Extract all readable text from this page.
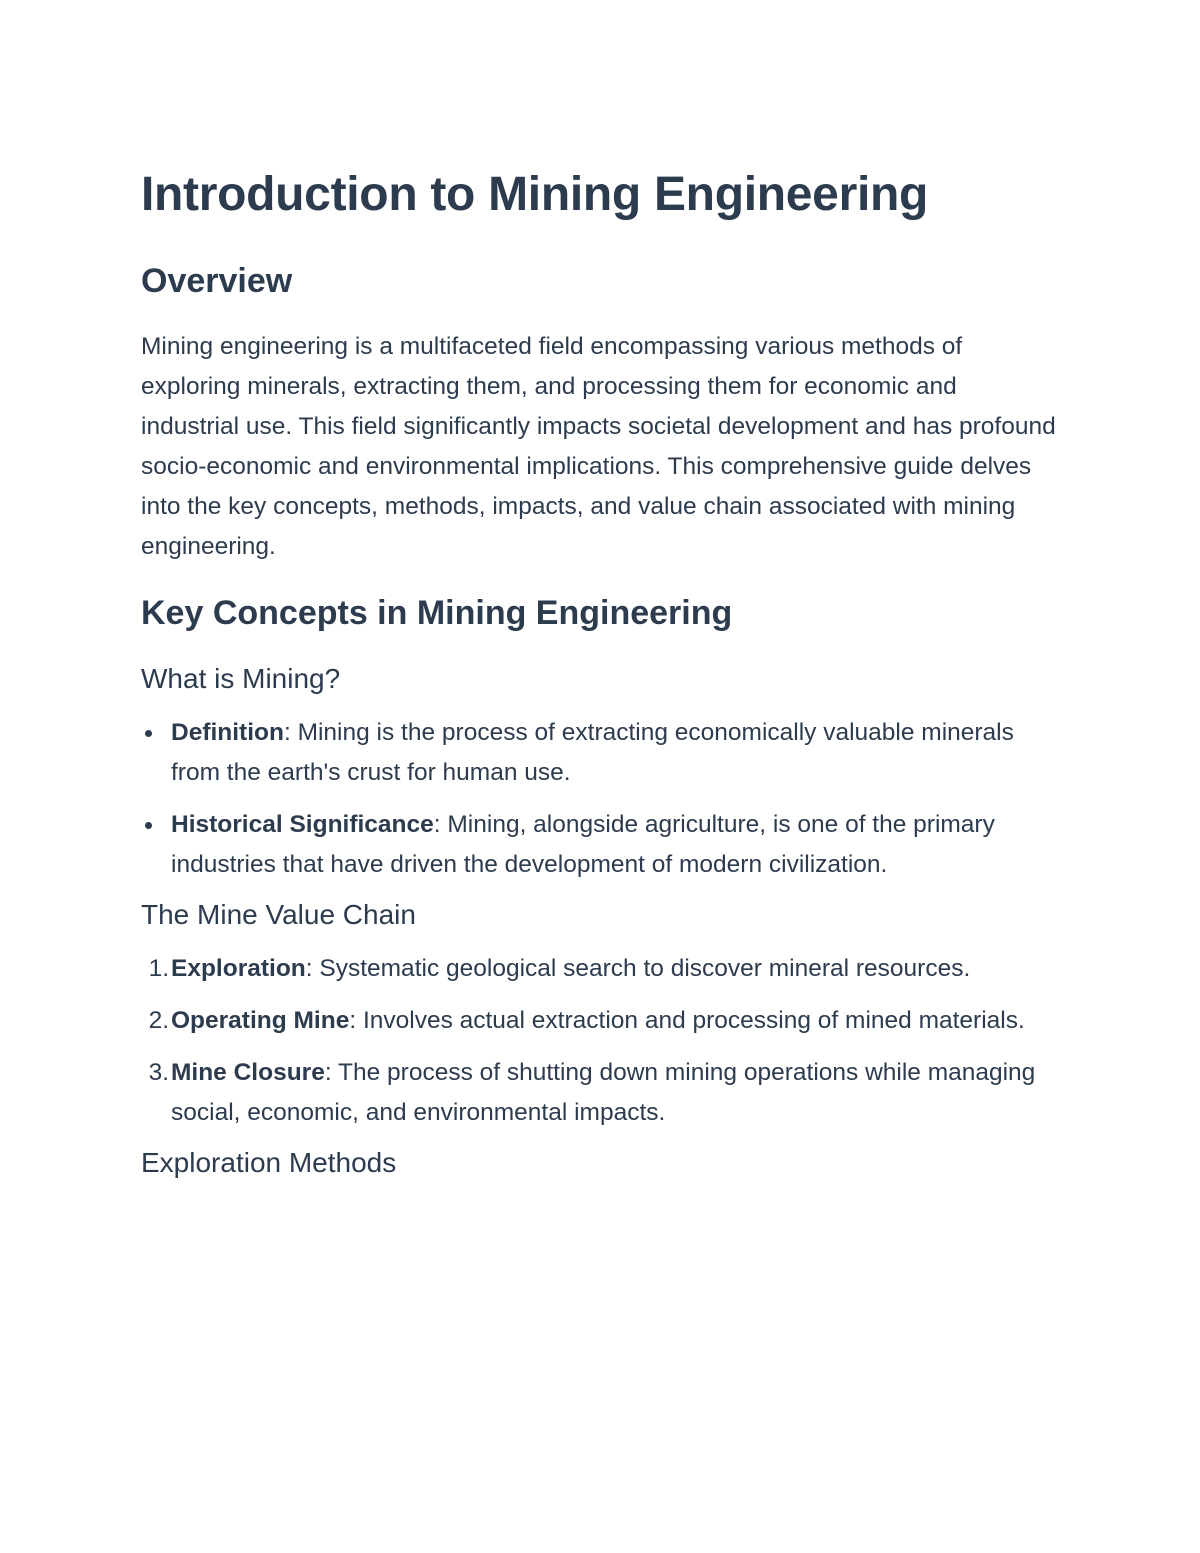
Introduction to Mining Engineering
Overview

Mining engineering is a multifaceted field encompassing various methods of exploring minerals, extracting them, and processing them for economic and industrial use. This field significantly impacts societal development and has profound socio-economic and environmental implications. This comprehensive guide delves into the key concepts, methods, impacts, and value chain associated with mining engineering.

Key Concepts in Mining Engineering
What is Mining?
Definition: Mining is the process of extracting economically valuable minerals from the earth's crust for human use.
Historical Significance: Mining, alongside agriculture, is one of the primary industries that have driven the development of modern civilization.
The Mine Value Chain
1. Exploration: Systematic geological search to discover mineral resources.
2. Operating Mine: Involves actual extraction and processing of mined materials.
3. Mine Closure: The process of shutting down mining operations while managing social, economic, and environmental impacts.
Exploration Methods
